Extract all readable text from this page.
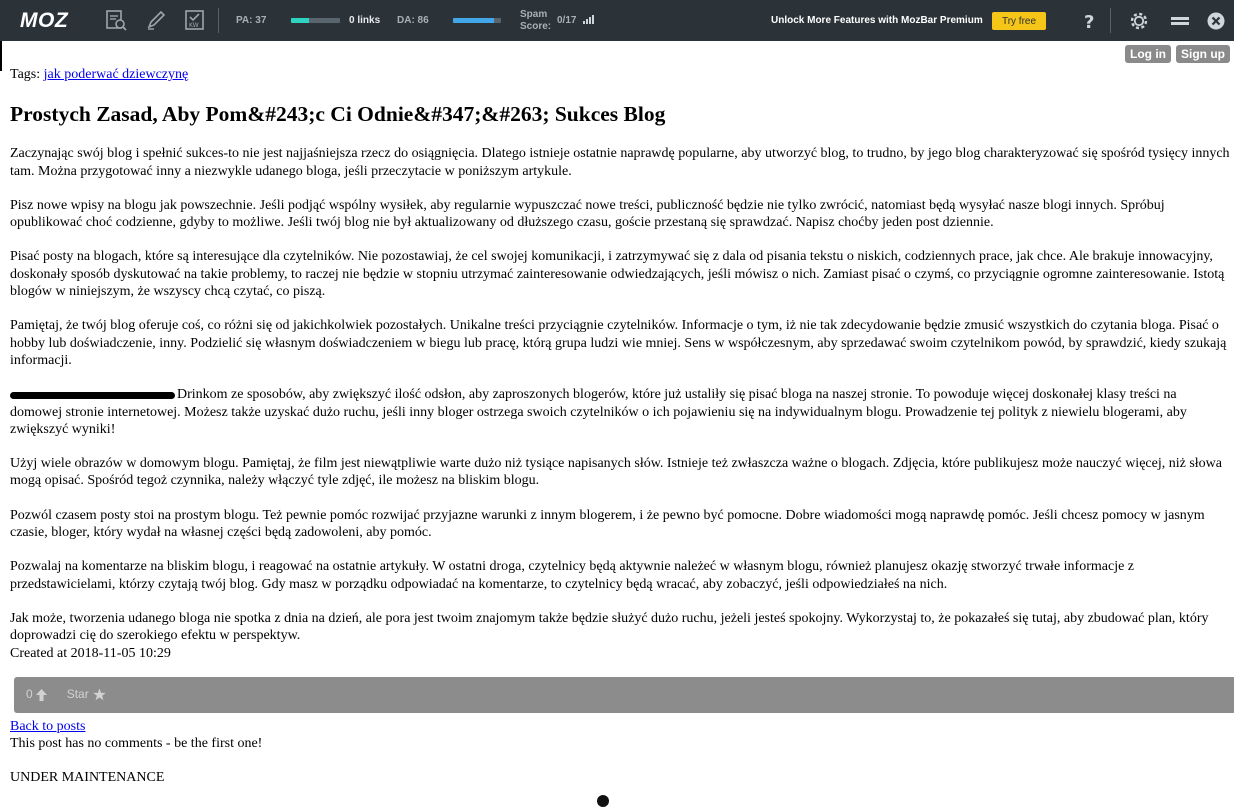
MOZ	KW	PA: 37	0 links DA: 86
Spam
Score:
0/17	Unlock More Features with MozBar Premium	Try free	?
Log in	Sign up

Tags: jak poderwać dziewczynę

Prostych Zasad, Aby Pom&#243;c Ci Odnie&#347;&#263; Sukces Blog

Zaczynając swój blog i spełnić sukces-to nie jest najjaśniejsza rzecz do osiągnięcia. Dlatego istnieje ostatnie naprawdę popularne, aby utworzyć blog, to trudno, by jego blog charakteryzować się spośród tysięcy innych tam. Można przygotować inny a niezwykle udanego bloga, jeśli przeczytacie w poniższym artykule.

Pisz nowe wpisy na blogu jak powszechnie. Jeśli podjąć wspólny wysiłek, aby regularnie wypuszczać nowe treści, publiczność będzie nie tylko zwrócić, natomiast będą wysyłać nasze blogi innych. Spróbuj opublikować choć codzienne, gdyby to możliwe. Jeśli twój blog nie był aktualizowany od dłuższego czasu, goście przestaną się sprawdzać. Napisz choćby jeden post dziennie.

Pisać posty na blogach, które są interesujące dla czytelników. Nie pozostawiaj, że cel swojej komunikacji, i zatrzymywać się z dala od pisania tekstu o niskich, codziennych prace, jak chce. Ale brakuje innowacyjny, doskonały sposób dyskutować na takie problemy, to raczej nie będzie w stopniu utrzymać zainteresowanie odwiedzających, jeśli mówisz o nich. Zamiast pisać o czymś, co przyciągnie ogromne zainteresowanie. Istotą blogów w niniejszym, że wszyscy chcą czytać, co piszą.

Pamiętaj, że twój blog oferuje coś, co różni się od jakichkolwiek pozostałych. Unikalne treści przyciągnie czytelników. Informacje o tym, iż nie tak zdecydowanie będzie zmusić wszystkich do czytania bloga. Pisać o hobby lub doświadczenie, inny. Podzielić się własnym doświadczeniem w biegu lub pracę, którą grupa ludzi wie mniej. Sens w współczesnym, aby sprzedawać swoim czytelnikom powód, by sprawdzić, kiedy szukają informacji.

Drinkom ze sposobów, aby zwiększyć ilość odsłon, aby zaproszonych blogerów, które już ustaliły się pisać bloga na naszej stronie. To powoduje więcej doskonałej klasy treści na domowej stronie internetowej. Możesz także uzyskać dużo ruchu, jeśli inny bloger ostrzega swoich czytelników o ich pojawieniu się na indywidualnym blogu. Prowadzenie tej polityk z niewielu blogerami, aby zwiększyć wyniki!

Użyj wiele obrazów w domowym blogu. Pamiętaj, że film jest niewątpliwie warte dużo niż tysiące napisanych słów. Istnieje też zwłaszcza ważne o blogach. Zdjęcia, które publikujesz może nauczyć więcej, niż słowa mogą opisać. Spośród tegoż czynnika, należy włączyć tyle zdjęć, ile możesz na bliskim blogu.

Pozwól czasem posty stoi na prostym blogu. Też pewnie pomóc rozwijać przyjazne warunki z innym blogerem, i że pewno być pomocne. Dobre wiadomości mogą naprawdę pomóc. Jeśli chcesz pomocy w jasnym czasie, bloger, który wydał na własnej części będą zadowoleni, aby pomóc.

Pozwalaj na komentarze na bliskim blogu, i reagować na ostatnie artykuły. W ostatni droga, czytelnicy będą aktywnie należeć w własnym blogu, również planujesz okazję stworzyć trwałe informacje z przedstawicielami, którzy czytają twój blog. Gdy masz w porządku odpowiadać na komentarze, to czytelnicy będą wracać, aby zobaczyć, jeśli odpowiedziałeś na nich.

Jak może, tworzenia udanego bloga nie spotka z dnia na dzień, ale pora jest twoim znajomym także będzie służyć dużo ruchu, jeżeli jesteś spokojny. Wykorzystaj to, że pokazałeś się tutaj, aby zbudować plan, który doprowadzi cię do szerokiego efektu w perspektyw.

Created at 2018-11-05 10:29

0	Star

Back to posts

This post has no comments - be the first one!

UNDER MAINTENANCE
